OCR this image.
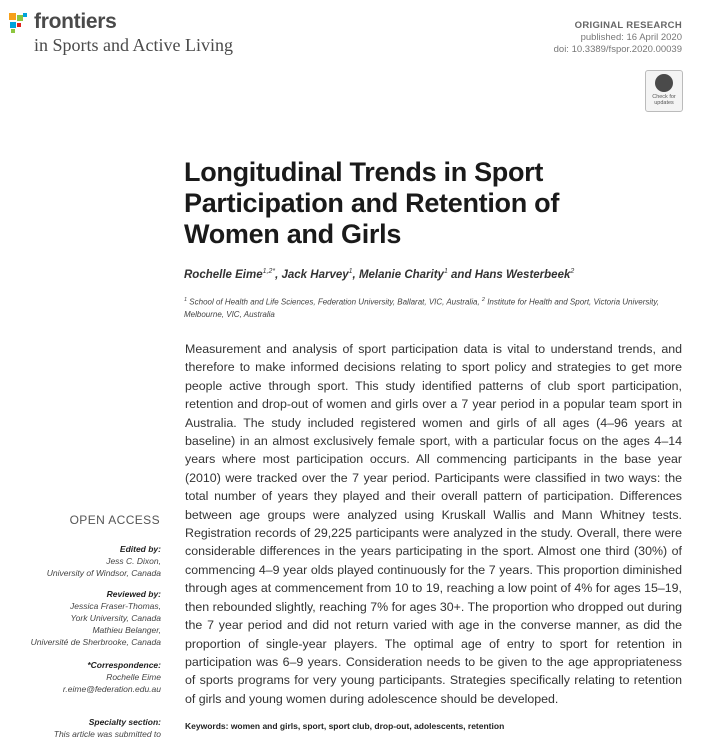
frontiers
in Sports and Active Living
ORIGINAL RESEARCH
published: 16 April 2020
doi: 10.3389/fspor.2020.00039
Check for
updates
Longitudinal Trends in Sport Participation and Retention of Women and Girls
Rochelle Eime$^{1,2*}$, Jack Harvey$^1$, Melanie Charity$^1$ and Hans Westerbeek$^2$
$^1$ School of Health and Life Sciences, Federation University, Ballarat, VIC, Australia, $^2$ Institute for Health and Sport, Victoria University, Melbourne, VIC, Australia
Measurement and analysis of sport participation data is vital to understand trends, and therefore to make informed decisions relating to sport policy and strategies to get more people active through sport. This study identified patterns of club sport participation, retention and drop-out of women and girls over a 7 year period in a popular team sport in Australia. The study included registered women and girls of all ages (4–96 years at baseline) in an almost exclusively female sport, with a particular focus on the ages 4–14 years where most participation occurs. All commencing participants in the base year (2010) were tracked over the 7 year period. Participants were classified in two ways: the total number of years they played and their overall pattern of participation. Differences between age groups were analyzed using Kruskall Wallis and Mann Whitney tests. Registration records of 29,225 participants were analyzed in the study. Overall, there were considerable differences in the years participating in the sport. Almost one third (30%) of commencing 4–9 year olds played continuously for the 7 years. This proportion diminished through ages at commencement from 10 to 19, reaching a low point of 4% for ages 15–19, then rebounded slightly, reaching 7% for ages 30+. The proportion who dropped out during the 7 year period and did not return varied with age in the converse manner, as did the proportion of single-year players. The optimal age of entry to sport for retention in participation was 6–9 years. Consideration needs to be given to the age appropriateness of sports programs for very young participants. Strategies specifically relating to retention of girls and young women during adolescence should be developed.
Keywords: women and girls, sport, sport club, drop-out, adolescents, retention
OPEN ACCESS
Edited by:
Jess C. Dixon,
University of Windsor, Canada
Reviewed by:
Jessica Fraser-Thomas,
York University, Canada
Mathieu Belanger,
Université de Sherbrooke, Canada
*Correspondence:
Rochelle Eime
r.eime@federation.edu.au
Specialty section:
This article was submitted to
